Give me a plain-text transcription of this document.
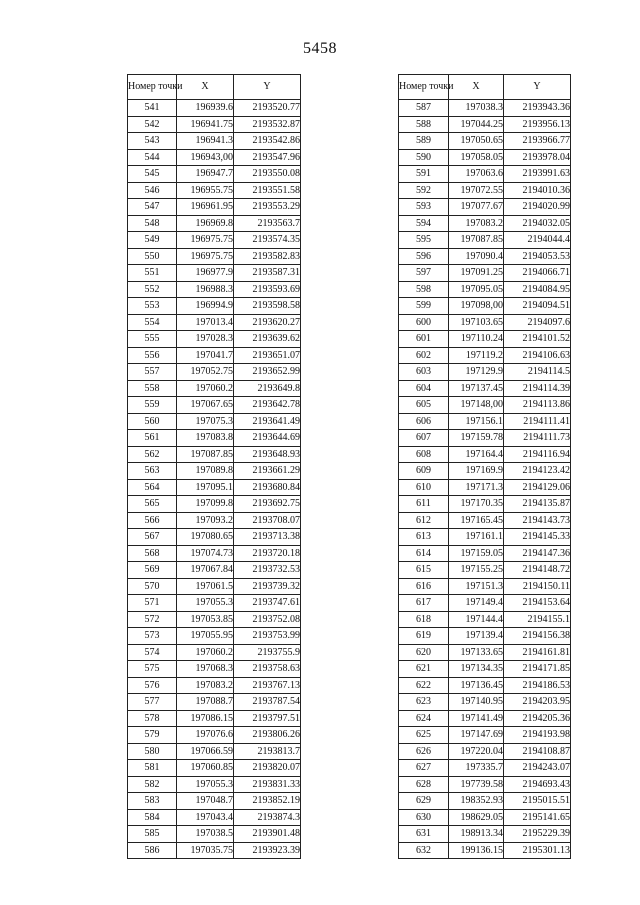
5458
Номер точки	X	Y
541	196939.6	2193520.77
542	196941.75	2193532.87
543	196941.3	2193542.86
544	196943,00	2193547.96
545	196947.7	2193550.08
546	196955.75	2193551.58
547	196961.95	2193553.29
548	196969.8	2193563.7
549	196975.75	2193574.35
550	196975.75	2193582.83
551	196977.9	2193587.31
552	196988.3	2193593.69
553	196994.9	2193598.58
554	197013.4	2193620.27
555	197028.3	2193639.62
556	197041.7	2193651.07
557	197052.75	2193652.99
558	197060.2	2193649.8
559	197067.65	2193642.78
560	197075.3	2193641.49
561	197083.8	2193644.69
562	197087.85	2193648.93
563	197089.8	2193661.29
564	197095.1	2193680.84
565	197099.8	2193692.75
566	197093.2	2193708.07
567	197080.65	2193713.38
568	197074.73	2193720.18
569	197067.84	2193732.53
570	197061.5	2193739.32
571	197055.3	2193747.61
572	197053.85	2193752.08
573	197055.95	2193753.99
574	197060.2	2193755.9
575	197068.3	2193758.63
576	197083.2	2193767.13
577	197088.7	2193787.54
578	197086.15	2193797.51
579	197076.6	2193806.26
580	197066.59	2193813.7
581	197060.85	2193820.07
582	197055.3	2193831.33
583	197048.7	2193852.19
584	197043.4	2193874.3
585	197038.5	2193901.48
586	197035.75	2193923.39
Номер точки	X	Y
587	197038.3	2193943.36
588	197044.25	2193956.13
589	197050.65	2193966.77
590	197058.05	2193978.04
591	197063.6	2193991.63
592	197072.55	2194010.36
593	197077.67	2194020.99
594	197083.2	2194032.05
595	197087.85	2194044.4
596	197090.4	2194053.53
597	197091.25	2194066.71
598	197095.05	2194084.95
599	197098,00	2194094.51
600	197103.65	2194097.6
601	197110.24	2194101.52
602	197119.2	2194106.63
603	197129.9	2194114.5
604	197137.45	2194114.39
605	197148,00	2194113.86
606	197156.1	2194111.41
607	197159.78	2194111.73
608	197164.4	2194116.94
609	197169.9	2194123.42
610	197171.3	2194129.06
611	197170.35	2194135.87
612	197165.45	2194143.73
613	197161.1	2194145.33
614	197159.05	2194147.36
615	197155.25	2194148.72
616	197151.3	2194150.11
617	197149.4	2194153.64
618	197144.4	2194155.1
619	197139.4	2194156.38
620	197133.65	2194161.81
621	197134.35	2194171.85
622	197136.45	2194186.53
623	197140.95	2194203.95
624	197141.49	2194205.36
625	197147.69	2194193.98
626	197220.04	2194108.87
627	197335.7	2194243.07
628	197739.58	2194693.43
629	198352.93	2195015.51
630	198629.05	2195141.65
631	198913.34	2195229.39
632	199136.15	2195301.13
